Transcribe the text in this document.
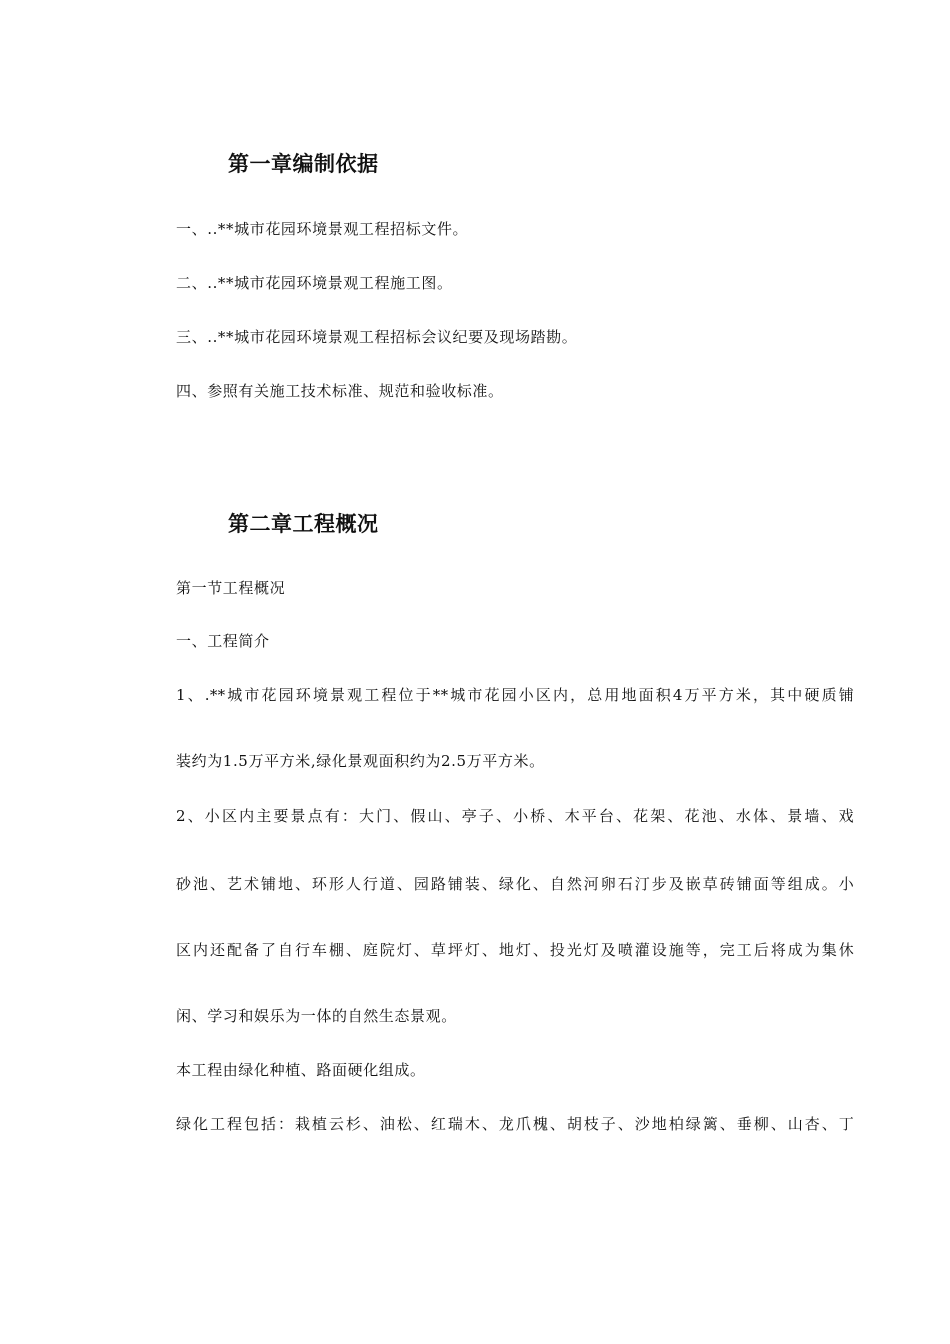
第一章编制依据
一、..**城市花园环境景观工程招标文件。
二、..**城市花园环境景观工程施工图。
三、..**城市花园环境景观工程招标会议纪要及现场踏勘。
四、参照有关施工技术标准、规范和验收标准。
第二章工程概况
第一节工程概况
一、工程简介
1、.**城市花园环境景观工程位于**城市花园小区内，总用地面积4万平方米，其中硬质铺
装约为1.5万平方米,绿化景观面积约为2.5万平方米。
2、小区内主要景点有：大门、假山、亭子、小桥、木平台、花架、花池、水体、景墙、戏
砂池、艺术铺地、环形人行道、园路铺装、绿化、自然河卵石汀步及嵌草砖铺面等组成。小
区内还配备了自行车棚、庭院灯、草坪灯、地灯、投光灯及喷灌设施等，完工后将成为集休
闲、学习和娱乐为一体的自然生态景观。
本工程由绿化种植、路面硬化组成。
绿化工程包括：栽植云杉、油松、红瑞木、龙爪槐、胡枝子、沙地柏绿篱、垂柳、山杏、丁
